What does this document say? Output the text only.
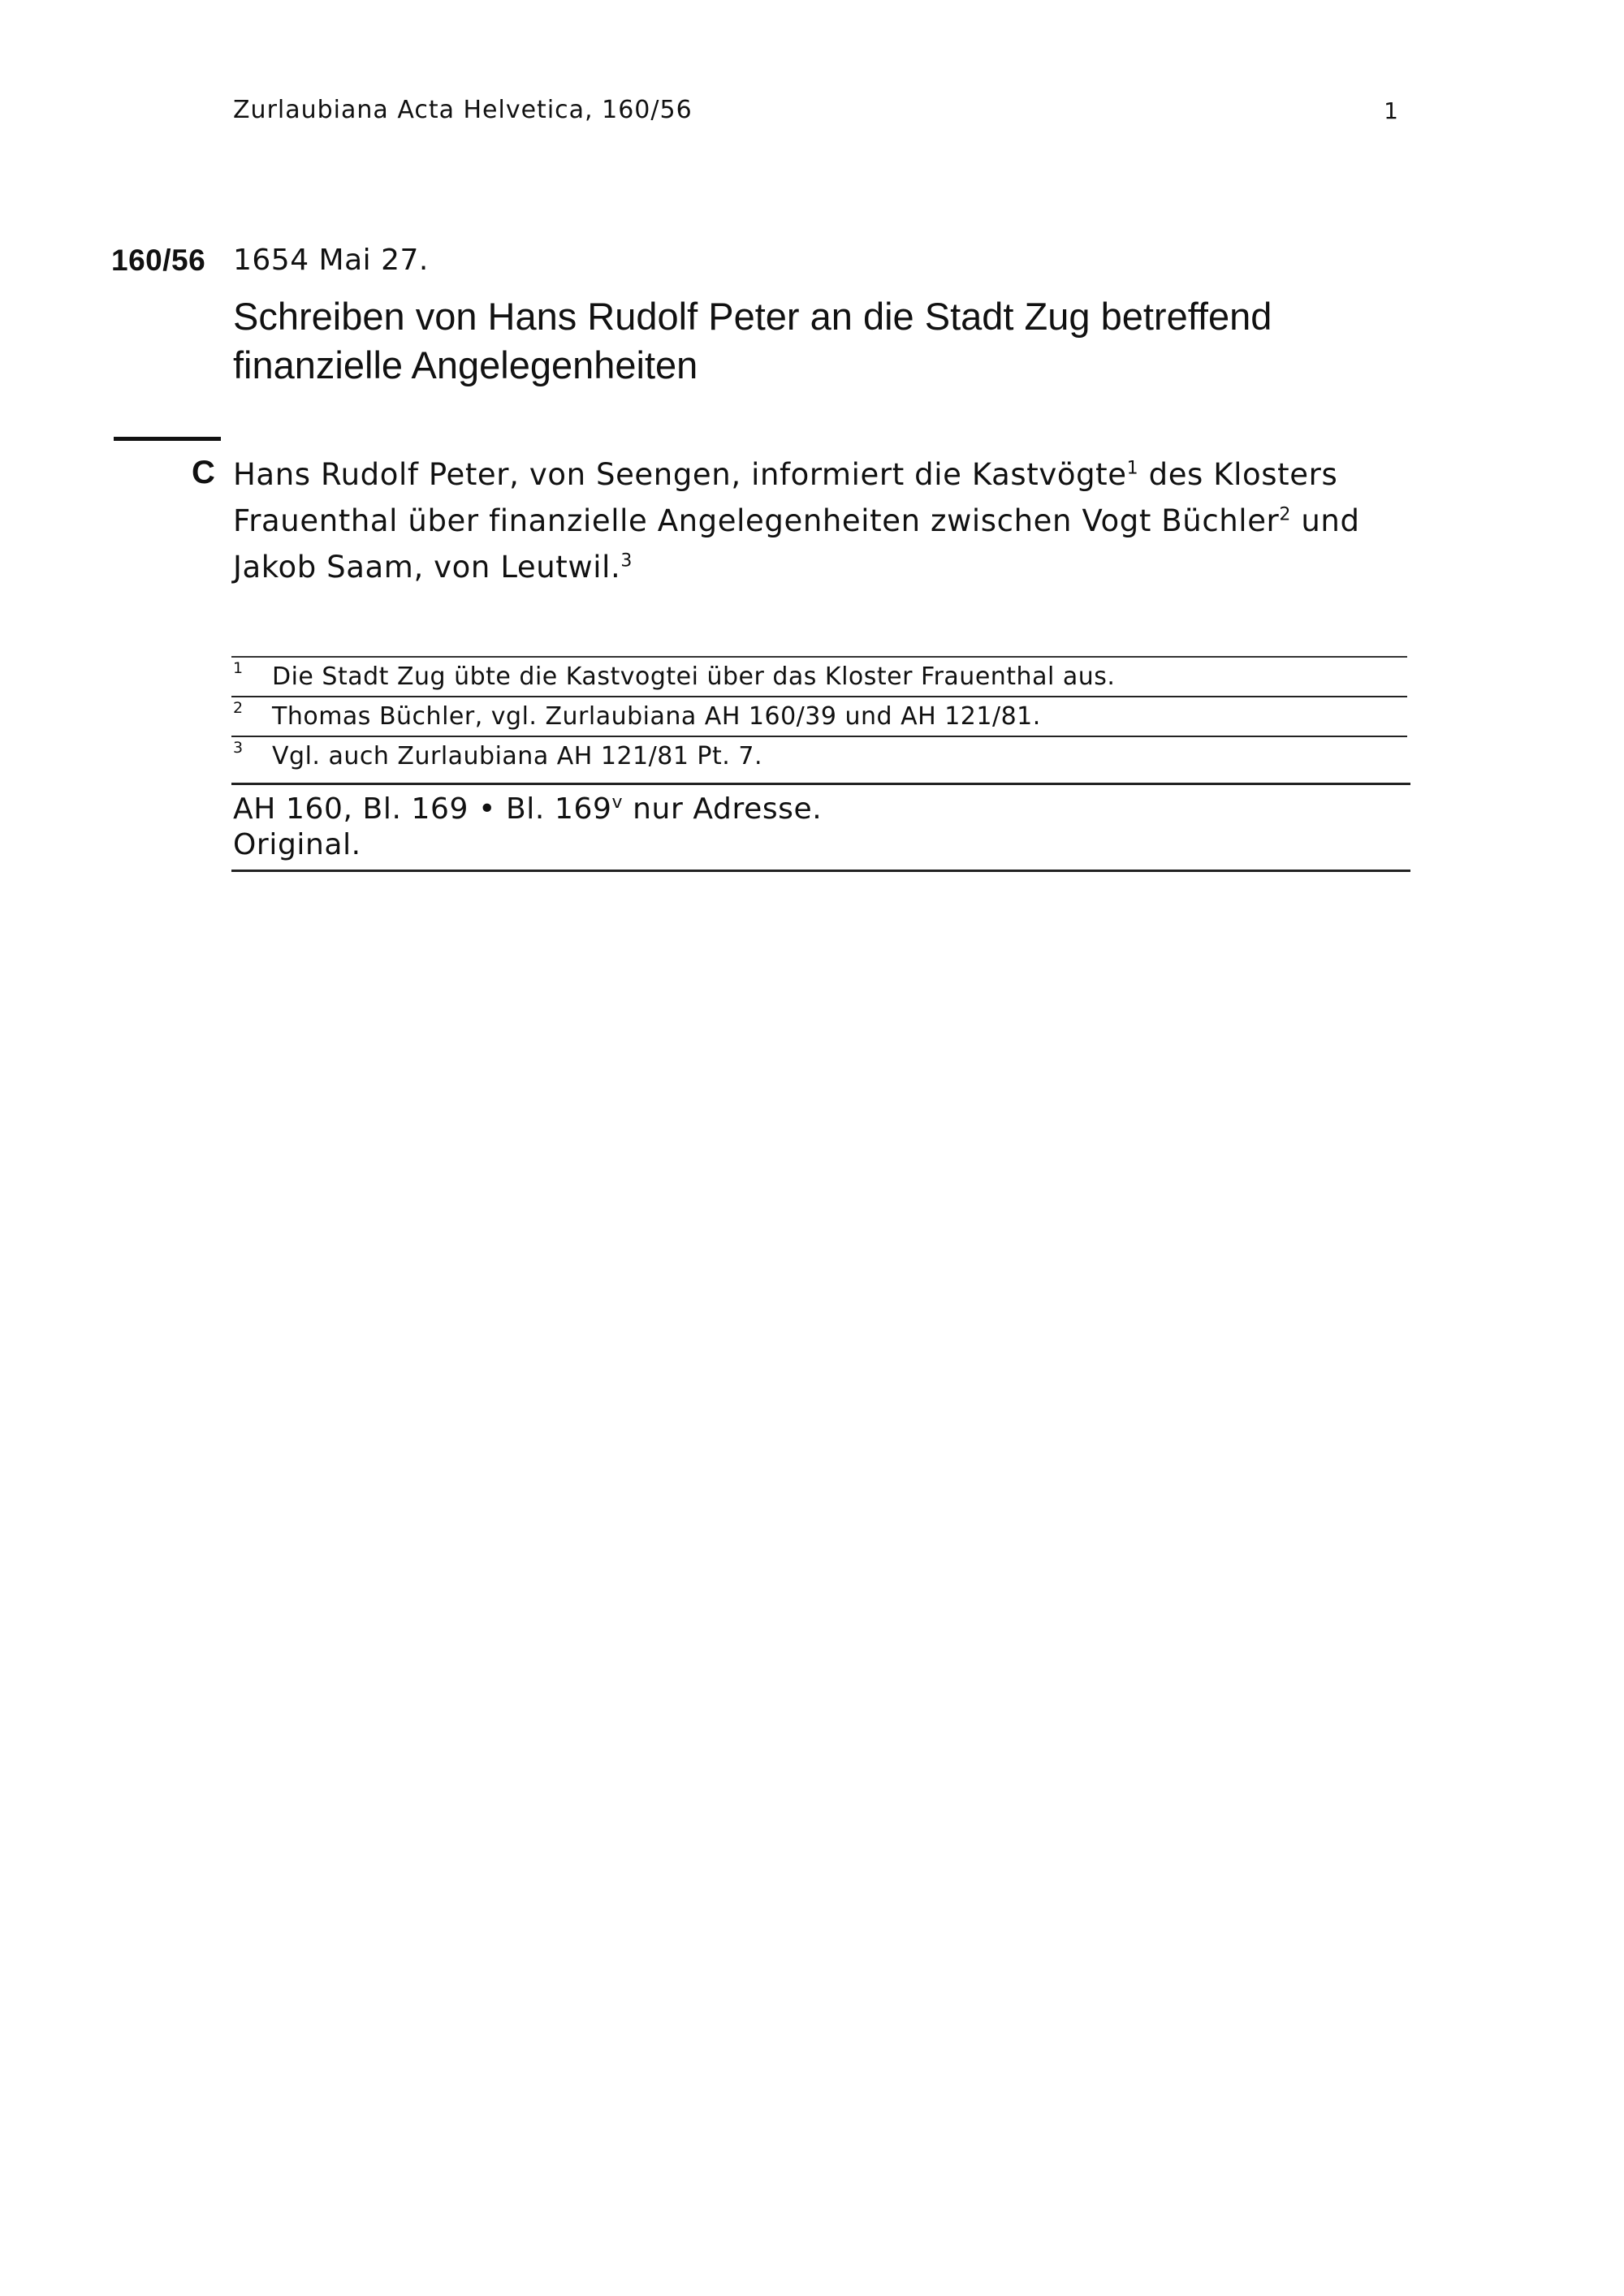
Zurlaubiana Acta Helvetica, 160/56	1
160/56 1654 Mai 27.
Schreiben von Hans Rudolf Peter an die Stadt Zug betreffend finanzielle Angelegenheiten
C Hans Rudolf Peter, von Seengen, informiert die Kastvögte$^1$ des Klosters Frauenthal über finanzielle Angelegenheiten zwischen Vogt Büchler$^2$ und Jakob Saam, von Leutwil.$^3$
1 Die Stadt Zug übte die Kastvogtei über das Kloster Frauenthal aus.
2 Thomas Büchler, vgl. Zurlaubiana AH 160/39 und AH 121/81.
3 Vgl. auch Zurlaubiana AH 121/81 Pt. 7.
AH 160, Bl. 169 • Bl. 169$^v$ nur Adresse.
Original.
